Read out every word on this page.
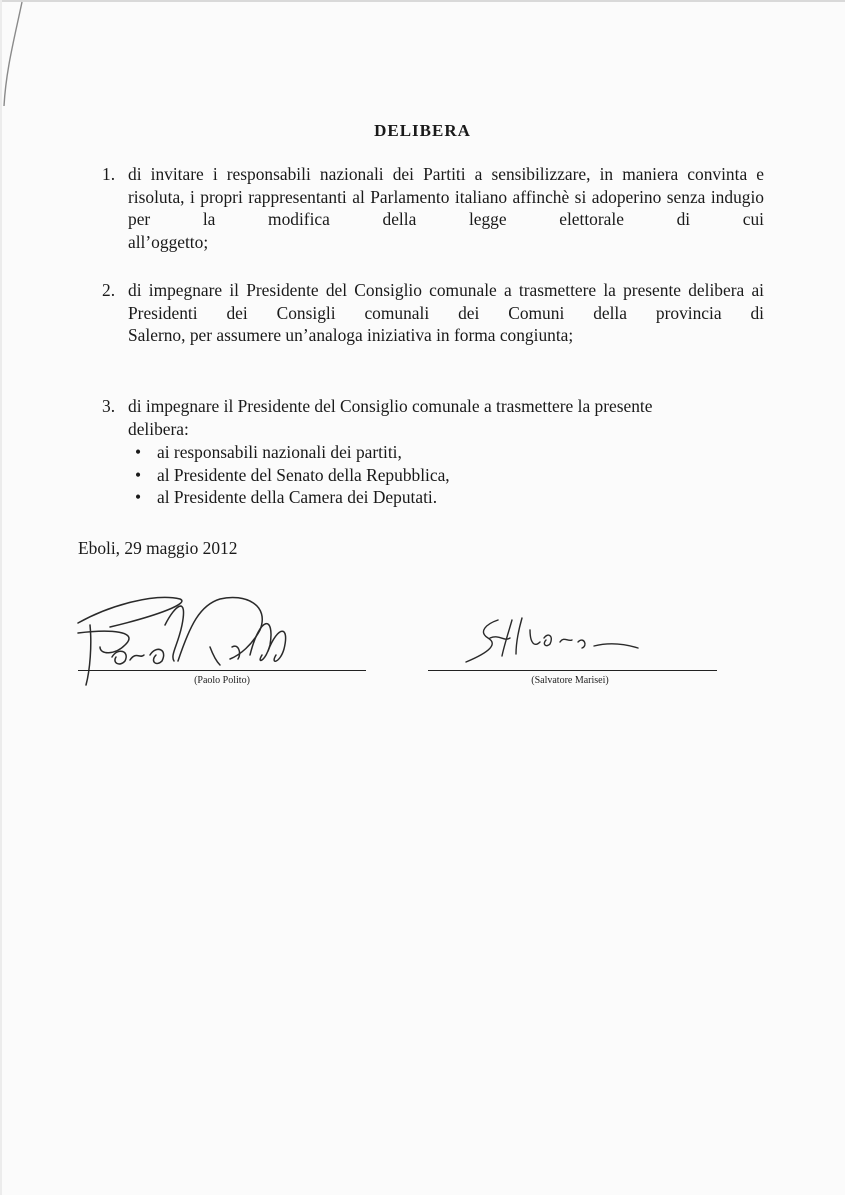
DELIBERA
1. di invitare i responsabili nazionali dei Partiti a sensibilizzare, in maniera convinta e risoluta, i propri rappresentanti al Parlamento italiano affinchè si adoperino senza indugio per la modifica della legge elettorale di cui
all’oggetto;
2. di impegnare il Presidente del Consiglio comunale a trasmettere la presente delibera ai Presidenti dei Consigli comunali dei Comuni della provincia di
Salerno, per assumere un’analoga iniziativa in forma congiunta;
3. di impegnare il Presidente del Consiglio comunale a trasmettere la presente
delibera:
• ai responsabili nazionali dei partiti,
• al Presidente del Senato della Repubblica,
• al Presidente della Camera dei Deputati.
Eboli, 29 maggio 2012
(Paolo Polito)	(Salvatore Marisei)
